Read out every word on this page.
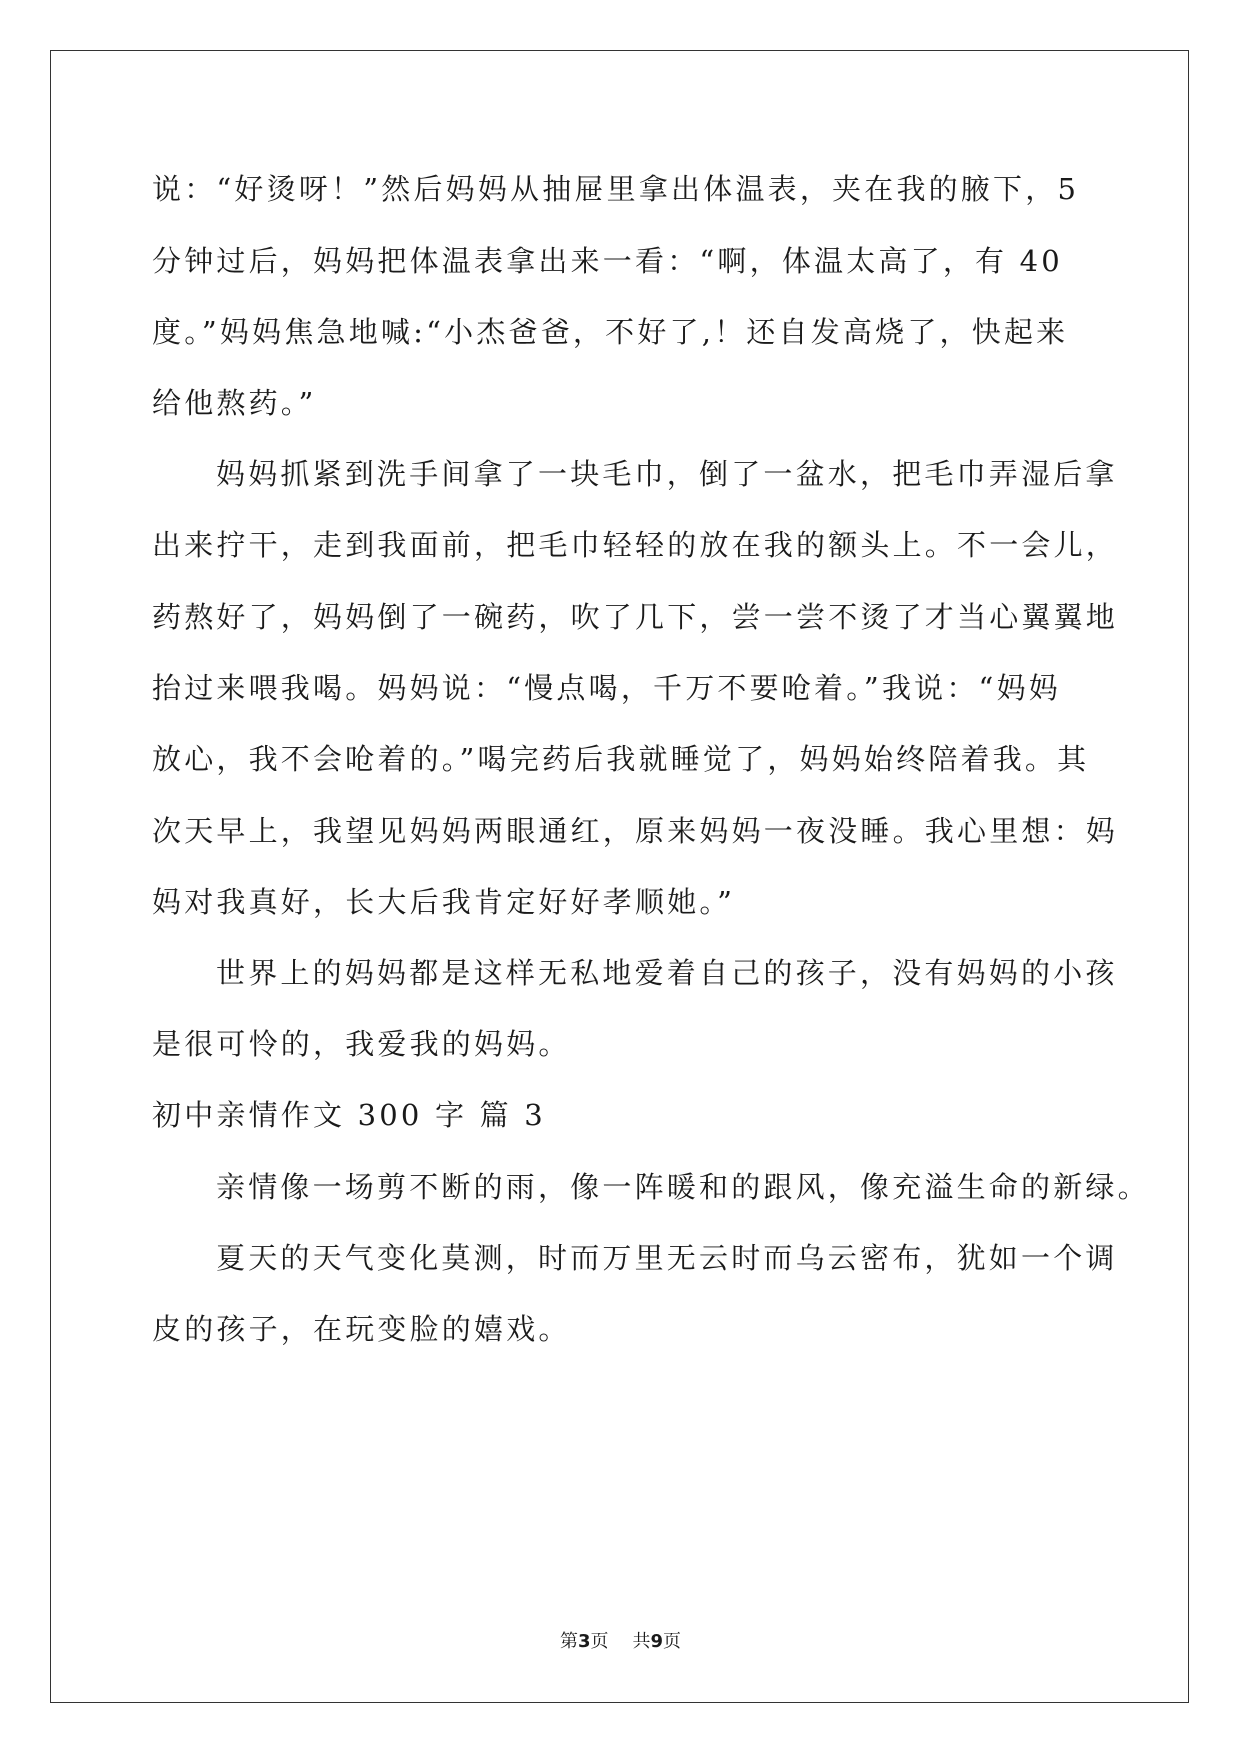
说：“好烫呀！”然后妈妈从抽屉里拿出体温表，夹在我的腋下，5
分钟过后，妈妈把体温表拿出来一看：“啊，体温太高了，有 40
度。”妈妈焦急地喊:“小杰爸爸，不好了,！还自发高烧了，快起来
给他熬药。”
妈妈抓紧到洗手间拿了一块毛巾，倒了一盆水，把毛巾弄湿后拿
出来拧干，走到我面前，把毛巾轻轻的放在我的额头上。不一会儿，
药熬好了，妈妈倒了一碗药，吹了几下，尝一尝不烫了才当心翼翼地
抬过来喂我喝。妈妈说：“慢点喝，千万不要呛着。”我说：“妈妈
放心，我不会呛着的。”喝完药后我就睡觉了，妈妈始终陪着我。其
次天早上，我望见妈妈两眼通红，原来妈妈一夜没睡。我心里想：妈
妈对我真好，长大后我肯定好好孝顺她。”
世界上的妈妈都是这样无私地爱着自己的孩子，没有妈妈的小孩
是很可怜的，我爱我的妈妈。
初中亲情作文 300 字 篇 3
亲情像一场剪不断的雨，像一阵暖和的跟风，像充溢生命的新绿。
夏天的天气变化莫测，时而万里无云时而乌云密布，犹如一个调
皮的孩子，在玩变脸的嬉戏。
第3页 共9页
